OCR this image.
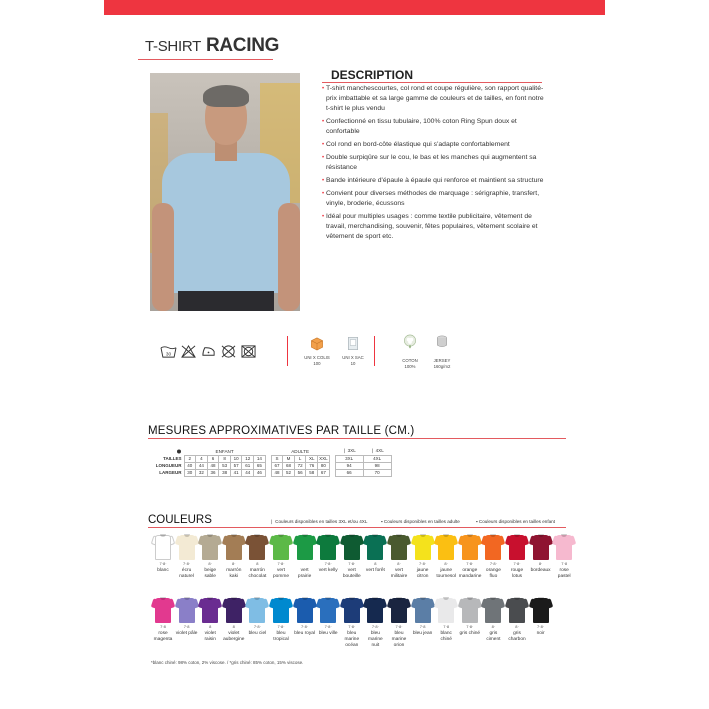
T-SHIRT RACING
DESCRIPTION
• T-shirt manchescourtes, col rond et coupe régulière, son rapport qualité-prix imbattable et sa large gamme de couleurs et de tailles, en font notre t-shirt le plus vendu
• Confectionné en tissu tubulaire, 100% coton Ring Spun doux et confortable
• Col rond en bord-côte élastique qui s'adapte confortablement
• Double surpiqûre sur le cou, le bas et les manches qui augmentent sa résistance
• Bande intérieure d'épaule à épaule qui renforce et maintient sa structure
• Convient pour diverses méthodes de marquage : sérigraphie, transfert, vinyle, broderie, écussons
• Idéal pour multiples usages : comme textile publicitaire, vêtement de travail, merchandising, souvenir, fêtes populaires, vêtement scolaire et vêtement de sport etc.
30
UNI X COLIS
100
UNI X SAC
10	COTON
100%
JERSEY
160g/m2
MESURES APPROXIMATIVES PAR TAILLE (CM.)
	ENFANT								ADULTE						❘ 3XL	❘ 4XL
TAILLES	2	4	6	8	10	12	14		S	M	L	XL	XXL		3XL	4XL
LONGUEUR	40	44	48	53	57	61	65		67	68	72	76	80		94	98
LARGEUR	30	32	36	38	41	44	46		48	52	56	58	67		66	70
COULEURS	❘ Couleurs disponibles en tailles 3XL et/ou 4XL	▪ Couleurs disponibles en tailles adulte	▪ Couleurs disponibles en tailles enfant
7·8·
blanc
7·8·
écru naturel
8·
beige sable
8·
marrón kaki
8
marrón chocolat
7·8·
vert pomme
vert prairie
7·8·
vert kelly
7·8·
vert bouteille
8
vert forêt
8·
vert militaire
7·8·
jaune citron
8·
jaune tournesol
7·8·
orange mandarine
7·8·
orange fluo
7·8·
rouge lotus
8·
bordeaux
7·8
rose pastel
7·8
rose magenta
7·8
violet pâle
8
violet raisin
8
violet aubergine
7·8·
bleu ciel
7·8·
bleu tropical
7·8·
bleu royal
7·8·
bleu ville
7·8·
bleu marine océan
7·8·
bleu marine nuit
7·8·
bleu marine orion
7·8
bleu jean
7·8
blanc chiné
7·8·
gris chiné
8·
gris ciment
8·
gris charbon
7·8·
noir
*blanc chiné: 98% coton, 2% viscose. / *gris chiné: 85% coton, 15% viscose.
